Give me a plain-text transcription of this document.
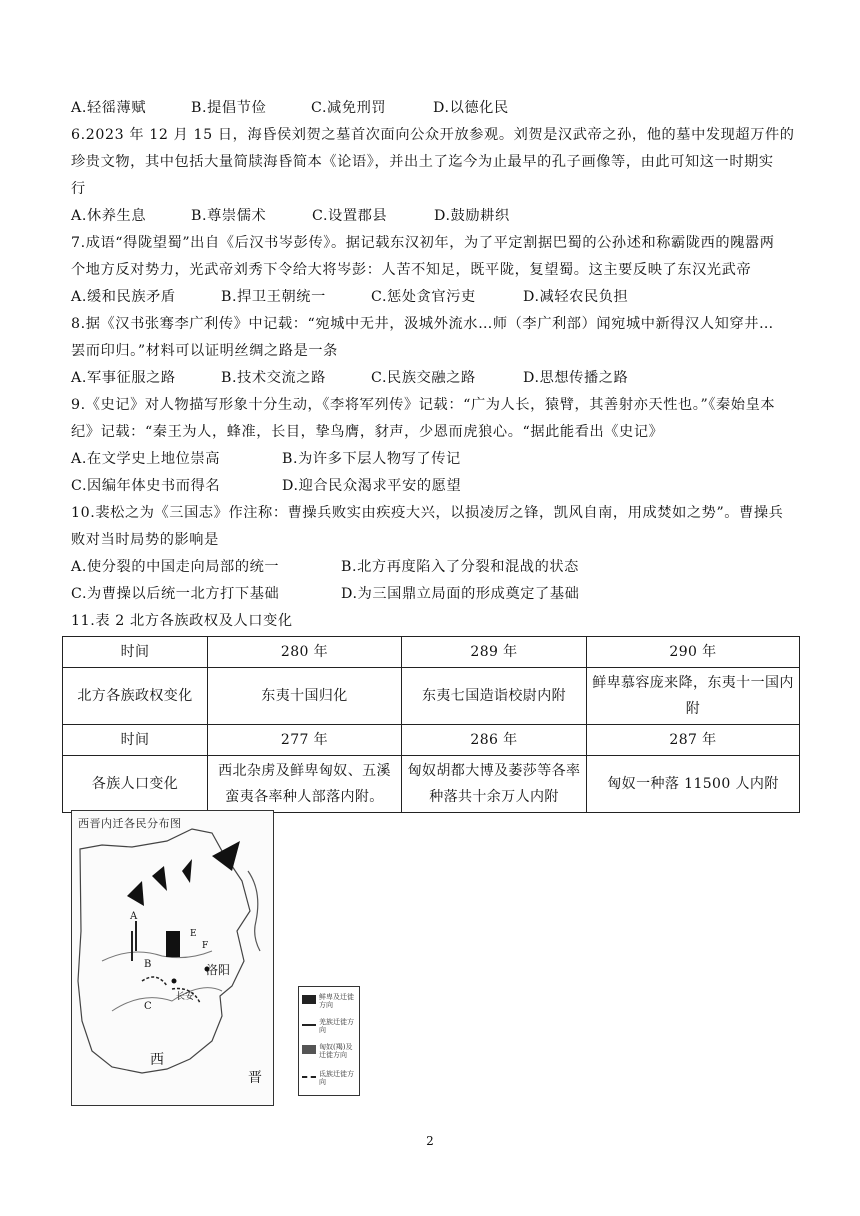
A.轻徭薄赋	B.提倡节俭	C.减免刑罚	D.以德化民
6.2023 年 12 月 15 日，海昏侯刘贺之墓首次面向公众开放参观。刘贺是汉武帝之孙，他的墓中发现超万件的
珍贵文物，其中包括大量简牍海昏简本《论语》，并出土了迄今为止最早的孔子画像等，由此可知这一时期实
行
A.休养生息	B.尊崇儒术	C.设置郡县	D.鼓励耕织
7.成语“得陇望蜀”出自《后汉书岑彭传》。据记载东汉初年，为了平定割据巴蜀的公孙述和称霸陇西的隗嚣两
个地方反对势力，光武帝刘秀下令给大将岑彭：人苦不知足，既平陇，复望蜀。这主要反映了东汉光武帝
A.缓和民族矛盾	B.捍卫王朝统一	C.惩处贪官污吏	D.减轻农民负担
8.据《汉书张骞李广利传》中记载：“宛城中无井，汲城外流水…师（李广利部）闻宛城中新得汉人知穿井…
罢而印归。”材料可以证明丝绸之路是一条
A.军事征服之路	B.技术交流之路	C.民族交融之路	D.思想传播之路
9.《史记》对人物描写形象十分生动，《李将军列传》记载：“广为人长，猿臂，其善射亦天性也。”《秦始皇本
纪》记载：“秦王为人，蜂准，长目，挚鸟膺，豺声，少恩而虎狼心。“据此能看出《史记》
A.在文学史上地位崇高	B.为许多下层人物写了传记
C.因编年体史书而得名	D.迎合民众渴求平安的愿望
10.裴松之为《三国志》作注称：曹操兵败实由疾疫大兴，以损凌厉之锋，凯风自南，用成焚如之势”。曹操兵
败对当时局势的影响是
A.使分裂的中国走向局部的统一	B.北方再度陷入了分裂和混战的状态
C.为曹操以后统一北方打下基础	D.为三国鼎立局面的形成奠定了基础
11.表 2 北方各族政权及人口变化
时间	280 年	289 年	290 年
北方各族政权变化	东夷十国归化	东夷七国造诣校尉内附	鲜卑慕容庞来降，东夷十一国内附
时间	277 年	286 年	287 年
各族人口变化	西北杂虏及鲜卑匈奴、五溪蛮夷各率种人部落内附。	匈奴胡都大博及萎莎等各率种落共十余万人内附	匈奴一种落 11500 人内附
西晋内迁各民分布图
洛阳
长安
西
晋
A
B
C
E
F
鲜卑及迁徙方向
羌族迁徙方向
匈奴(羯)及迁徙方向
氐族迁徙方向
2
